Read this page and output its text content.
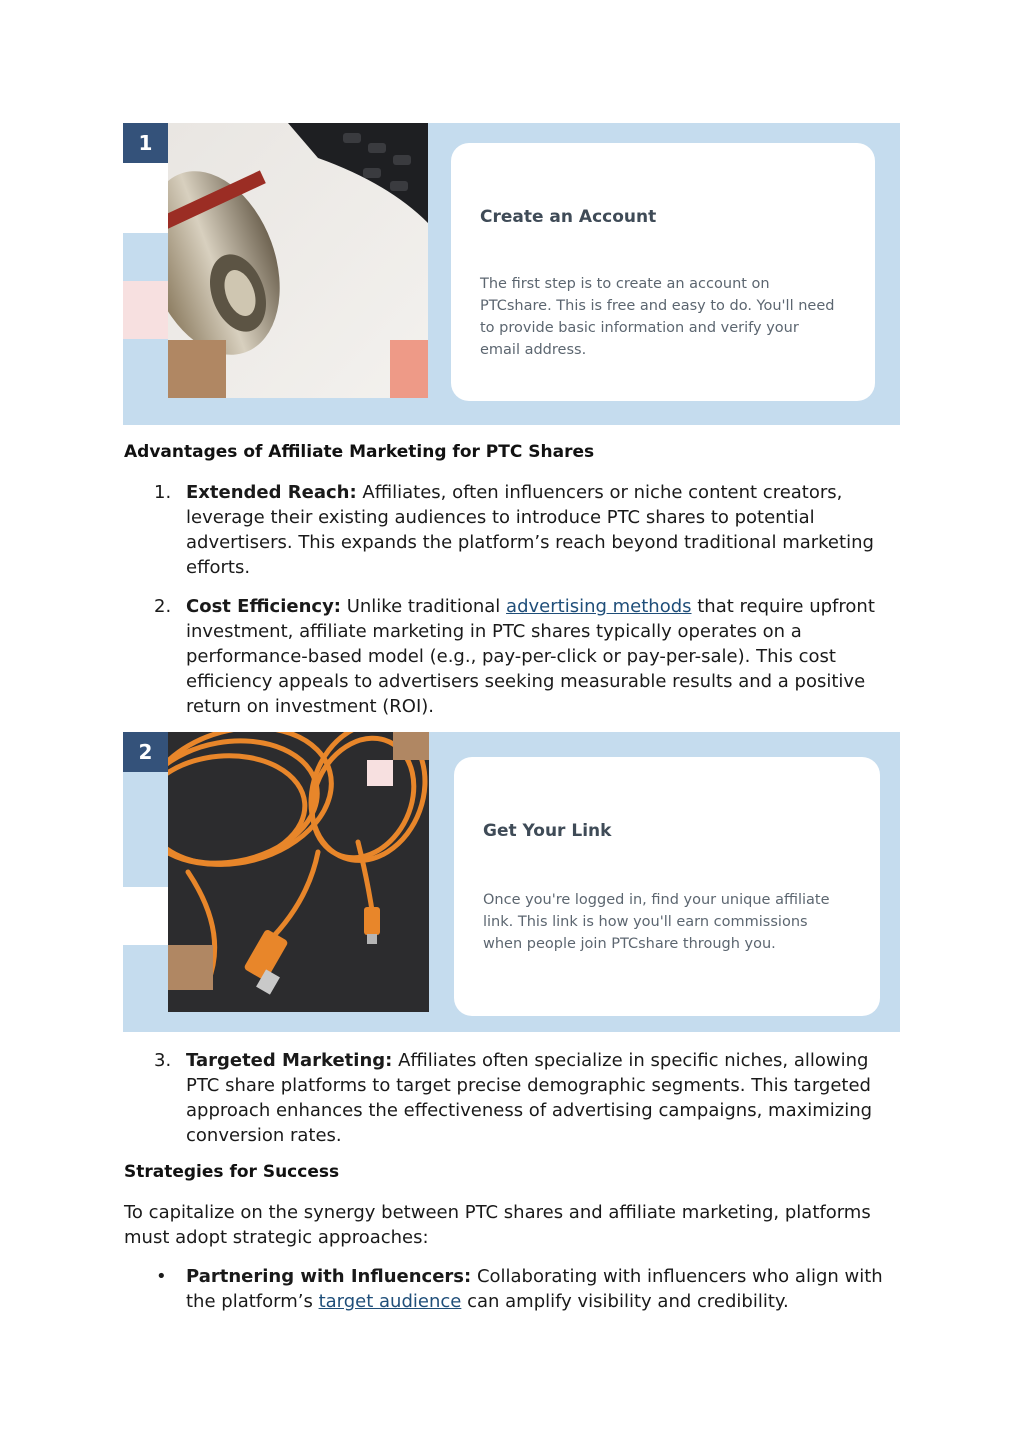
1

Create an Account

The first step is to create an account on PTCshare. This is free and easy to do. You'll need to provide basic information and verify your email address.

Advantages of Affiliate Marketing for PTC Shares

1. Extended Reach: Affiliates, often influencers or niche content creators, leverage their existing audiences to introduce PTC shares to potential advertisers. This expands the platform’s reach beyond traditional marketing efforts.

2. Cost Efficiency: Unlike traditional advertising methods that require upfront investment, affiliate marketing in PTC shares typically operates on a performance-based model (e.g., pay-per-click or pay-per-sale). This cost efficiency appeals to advertisers seeking measurable results and a positive return on investment (ROI).

2

Get Your Link

Once you're logged in, find your unique affiliate link. This link is how you'll earn commissions when people join PTCshare through you.

3. Targeted Marketing: Affiliates often specialize in specific niches, allowing PTC share platforms to target precise demographic segments. This targeted approach enhances the effectiveness of advertising campaigns, maximizing conversion rates.

Strategies for Success

To capitalize on the synergy between PTC shares and affiliate marketing, platforms must adopt strategic approaches:

• Partnering with Influencers: Collaborating with influencers who align with the platform’s target audience can amplify visibility and credibility.
